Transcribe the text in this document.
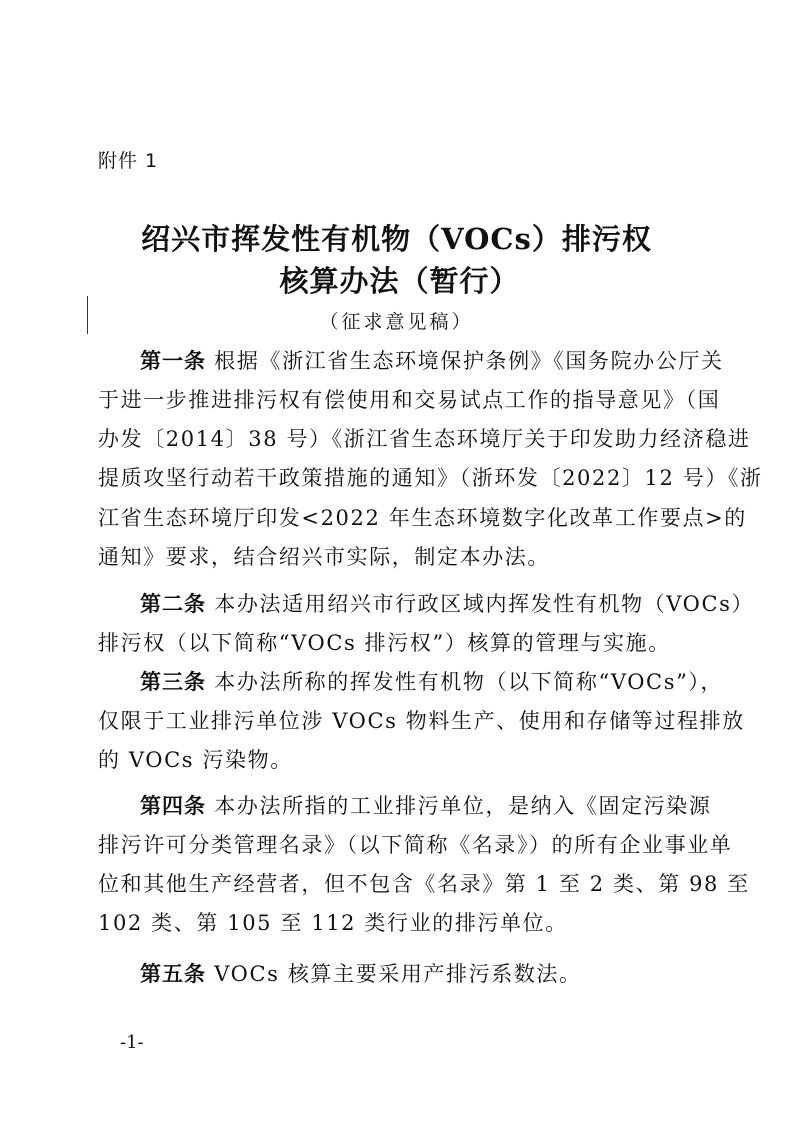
附件 1
绍兴市挥发性有机物（VOCs）排污权
核算办法（暂行）
（征求意见稿）
第一条 根据《浙江省生态环境保护条例》《国务院办公厅关
于进一步推进排污权有偿使用和交易试点工作的指导意见》（国
办发〔2014〕38 号）《浙江省生态环境厅关于印发助力经济稳进
提质攻坚行动若干政策措施的通知》（浙环发〔2022〕12 号）《浙
江省生态环境厅印发<2022 年生态环境数字化改革工作要点>的
通知》要求，结合绍兴市实际，制定本办法。
第二条 本办法适用绍兴市行政区域内挥发性有机物（VOCs）
排污权（以下简称“VOCs 排污权”）核算的管理与实施。
第三条 本办法所称的挥发性有机物（以下简称“VOCs”），
仅限于工业排污单位涉 VOCs 物料生产、使用和存储等过程排放
的 VOCs 污染物。
第四条 本办法所指的工业排污单位，是纳入《固定污染源
排污许可分类管理名录》（以下简称《名录》）的所有企业事业单
位和其他生产经营者，但不包含《名录》第 1 至 2 类、第 98 至
102 类、第 105 至 112 类行业的排污单位。
第五条 VOCs 核算主要采用产排污系数法。
-1-
